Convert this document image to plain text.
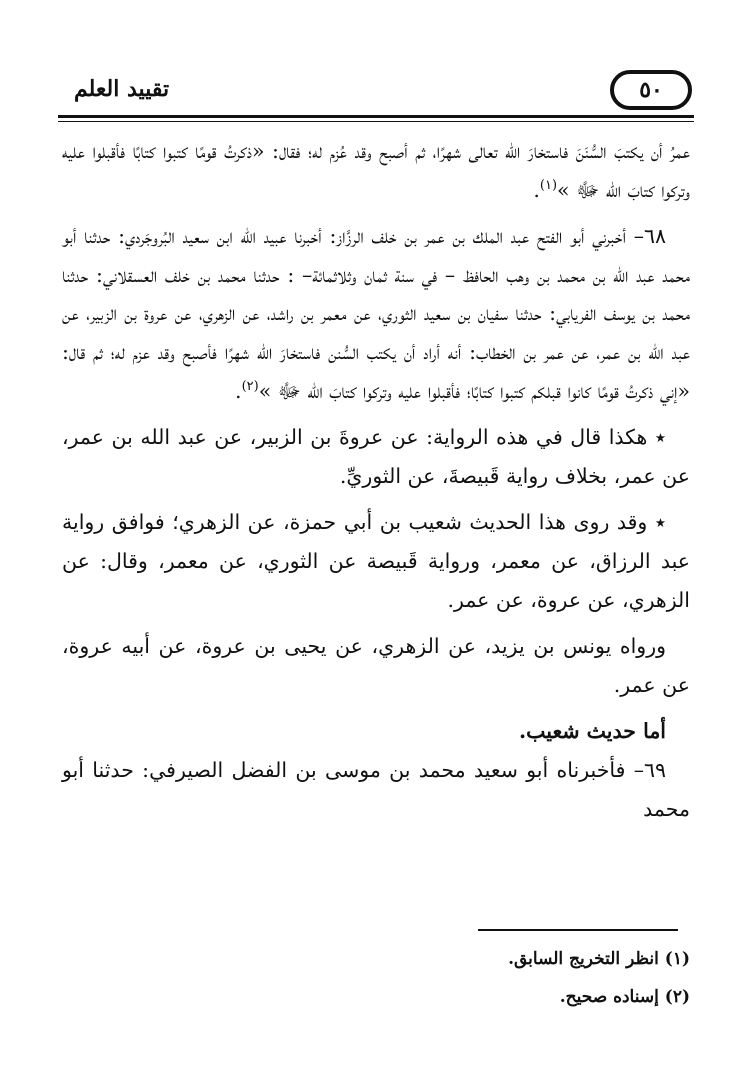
تقييد العلم	٥٠

عمرُ أن يكتبَ السُّنَنَ فاستخارَ الله تعالى شهرًا، ثم أصبح وقد عُزم له؛ فقال: «ذكرتُ قومًا كتبوا كتابًا فأقبلوا عليه وتركوا كتابَ الله ﷻ »$^{(١)}$.

٦٨– أخبرني أبو الفتح عبد الملك بن عمر بن خلف الرزَّاز: أخبرنا عبيد الله ابن سعيد البُروجَردي: حدثنا أبو محمد عبد الله بن محمد بن وهب الحافظ – في سنة ثمان وثلاثمائة– : حدثنا محمد بن خلف العسقلاني: حدثنا محمد بن يوسف الفريابي: حدثنا سفيان بن سعيد الثوري، عن معمر بن راشد، عن الزهري، عن عروة بن الزبير، عن عبد الله بن عمر، عن عمر بن الخطاب: أنه أراد أن يكتب السُّنن فاستخارَ الله شهرًا فأصبح وقد عزم له؛ ثم قال: «إني ذكرتُ قومًا كانوا قبلكم كتبوا كتابًا؛ فأقبلوا عليه وتركوا كتابَ الله ﷻ »$^{(٢)}$.

٭ هكذا قال في هذه الرواية: عن عروةَ بن الزبير، عن عبد الله بن عمر، عن عمر، بخلاف رواية قَبيصةَ، عن الثوريِّ.

٭ وقد روى هذا الحديث شعيب بن أبي حمزة، عن الزهري؛ فوافق رواية عبد الرزاق، عن معمر، ورواية قَبيصة عن الثوري، عن معمر، وقال: عن الزهري، عن عروة، عن عمر.

ورواه يونس بن يزيد، عن الزهري، عن يحيى بن عروة، عن أبيه عروة، عن عمر.

أما حديث شعيب.

٦٩– فأخبرناه أبو سعيد محمد بن موسى بن الفضل الصيرفي: حدثنا أبو محمد

(١) انظر التخريج السابق.
(٢) إسناده صحيح.
